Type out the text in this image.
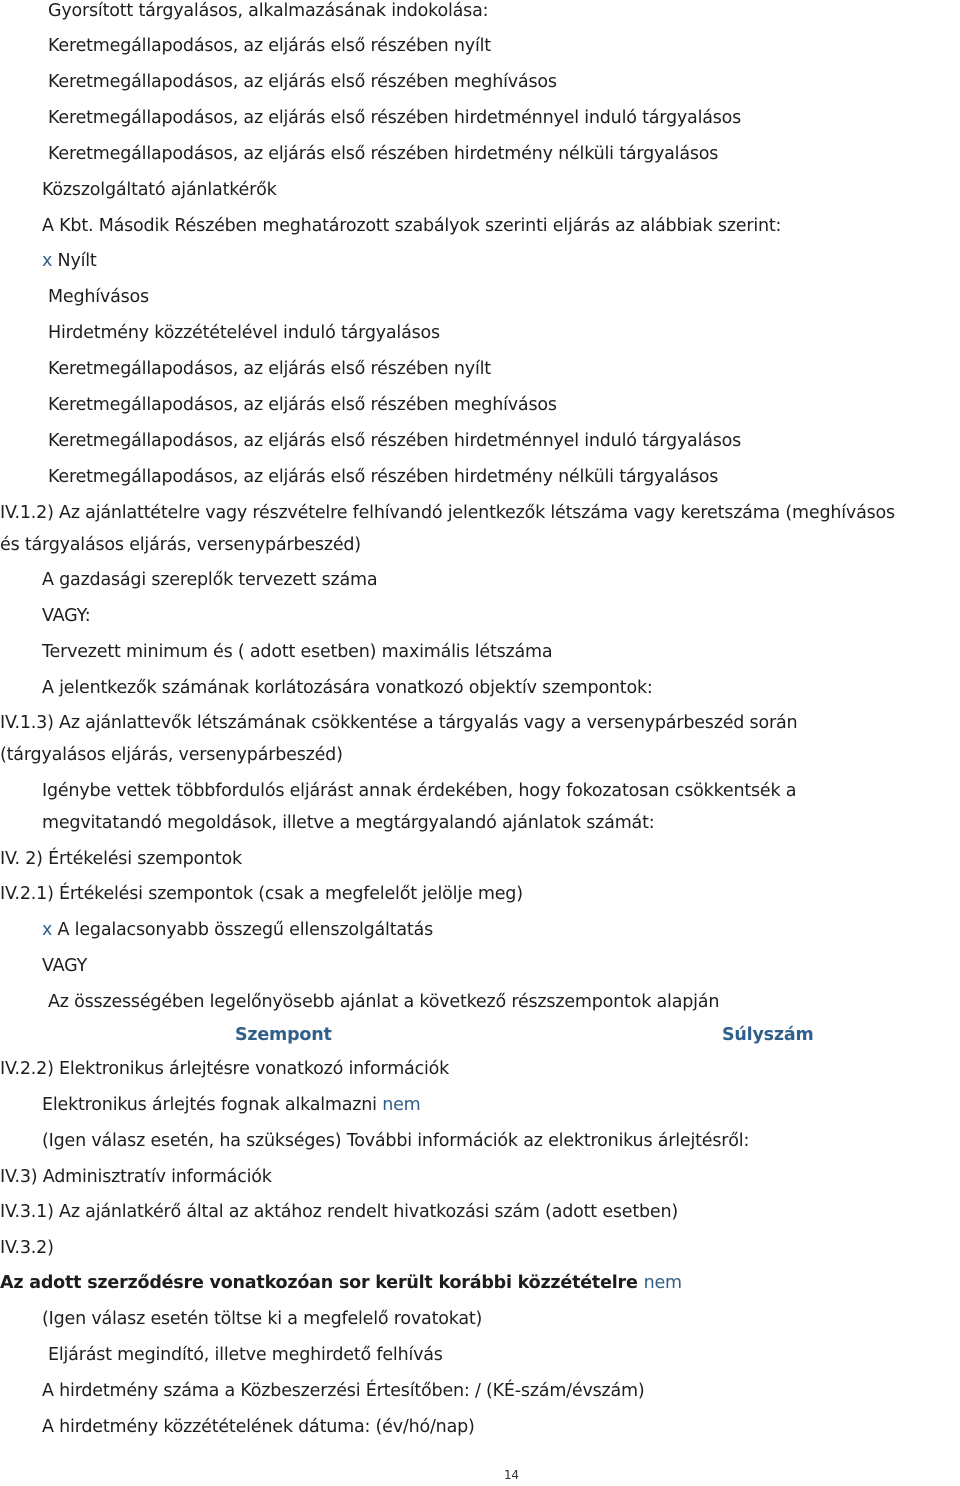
Gyorsított tárgyalásos, alkalmazásának indokolása:
Keretmegállapodásos, az eljárás első részében nyílt
Keretmegállapodásos, az eljárás első részében meghívásos
Keretmegállapodásos, az eljárás első részében hirdetménnyel induló tárgyalásos
Keretmegállapodásos, az eljárás első részében hirdetmény nélküli tárgyalásos
Közszolgáltató ajánlatkérők
A Kbt. Második Részében meghatározott szabályok szerinti eljárás az alábbiak szerint:
x Nyílt
Meghívásos
Hirdetmény közzétételével induló tárgyalásos
Keretmegállapodásos, az eljárás első részében nyílt
Keretmegállapodásos, az eljárás első részében meghívásos
Keretmegállapodásos, az eljárás első részében hirdetménnyel induló tárgyalásos
Keretmegállapodásos, az eljárás első részében hirdetmény nélküli tárgyalásos
IV.1.2) Az ajánlattételre vagy részvételre felhívandó jelentkezők létszáma vagy keretszáma (meghívásos
és tárgyalásos eljárás, versenypárbeszéd)
A gazdasági szereplők tervezett száma
VAGY:
Tervezett minimum és ( adott esetben) maximális létszáma
A jelentkezők számának korlátozására vonatkozó objektív szempontok:
IV.1.3) Az ajánlattevők létszámának csökkentése a tárgyalás vagy a versenypárbeszéd során
(tárgyalásos eljárás, versenypárbeszéd)
Igénybe vettek többfordulós eljárást annak érdekében, hogy fokozatosan csökkentsék a
megvitatandó megoldások, illetve a megtárgyalandó ajánlatok számát:
IV. 2) Értékelési szempontok
IV.2.1) Értékelési szempontok (csak a megfelelőt jelölje meg)
x A legalacsonyabb összegű ellenszolgáltatás
VAGY
Az összességében legelőnyösebb ajánlat a következő részszempontok alapján
Szempont	Súlyszám
IV.2.2) Elektronikus árlejtésre vonatkozó információk
Elektronikus árlejtés fognak alkalmazni nem
(Igen válasz esetén, ha szükséges) További információk az elektronikus árlejtésről:
IV.3) Adminisztratív információk
IV.3.1) Az ajánlatkérő által az aktához rendelt hivatkozási szám (adott esetben)
IV.3.2)
Az adott szerződésre vonatkozóan sor került korábbi közzétételre nem
(Igen válasz esetén töltse ki a megfelelő rovatokat)
Eljárást megindító, illetve meghirdető felhívás
A hirdetmény száma a Közbeszerzési Értesítőben: / (KÉ-szám/évszám)
A hirdetmény közzétételének dátuma: (év/hó/nap)
14
